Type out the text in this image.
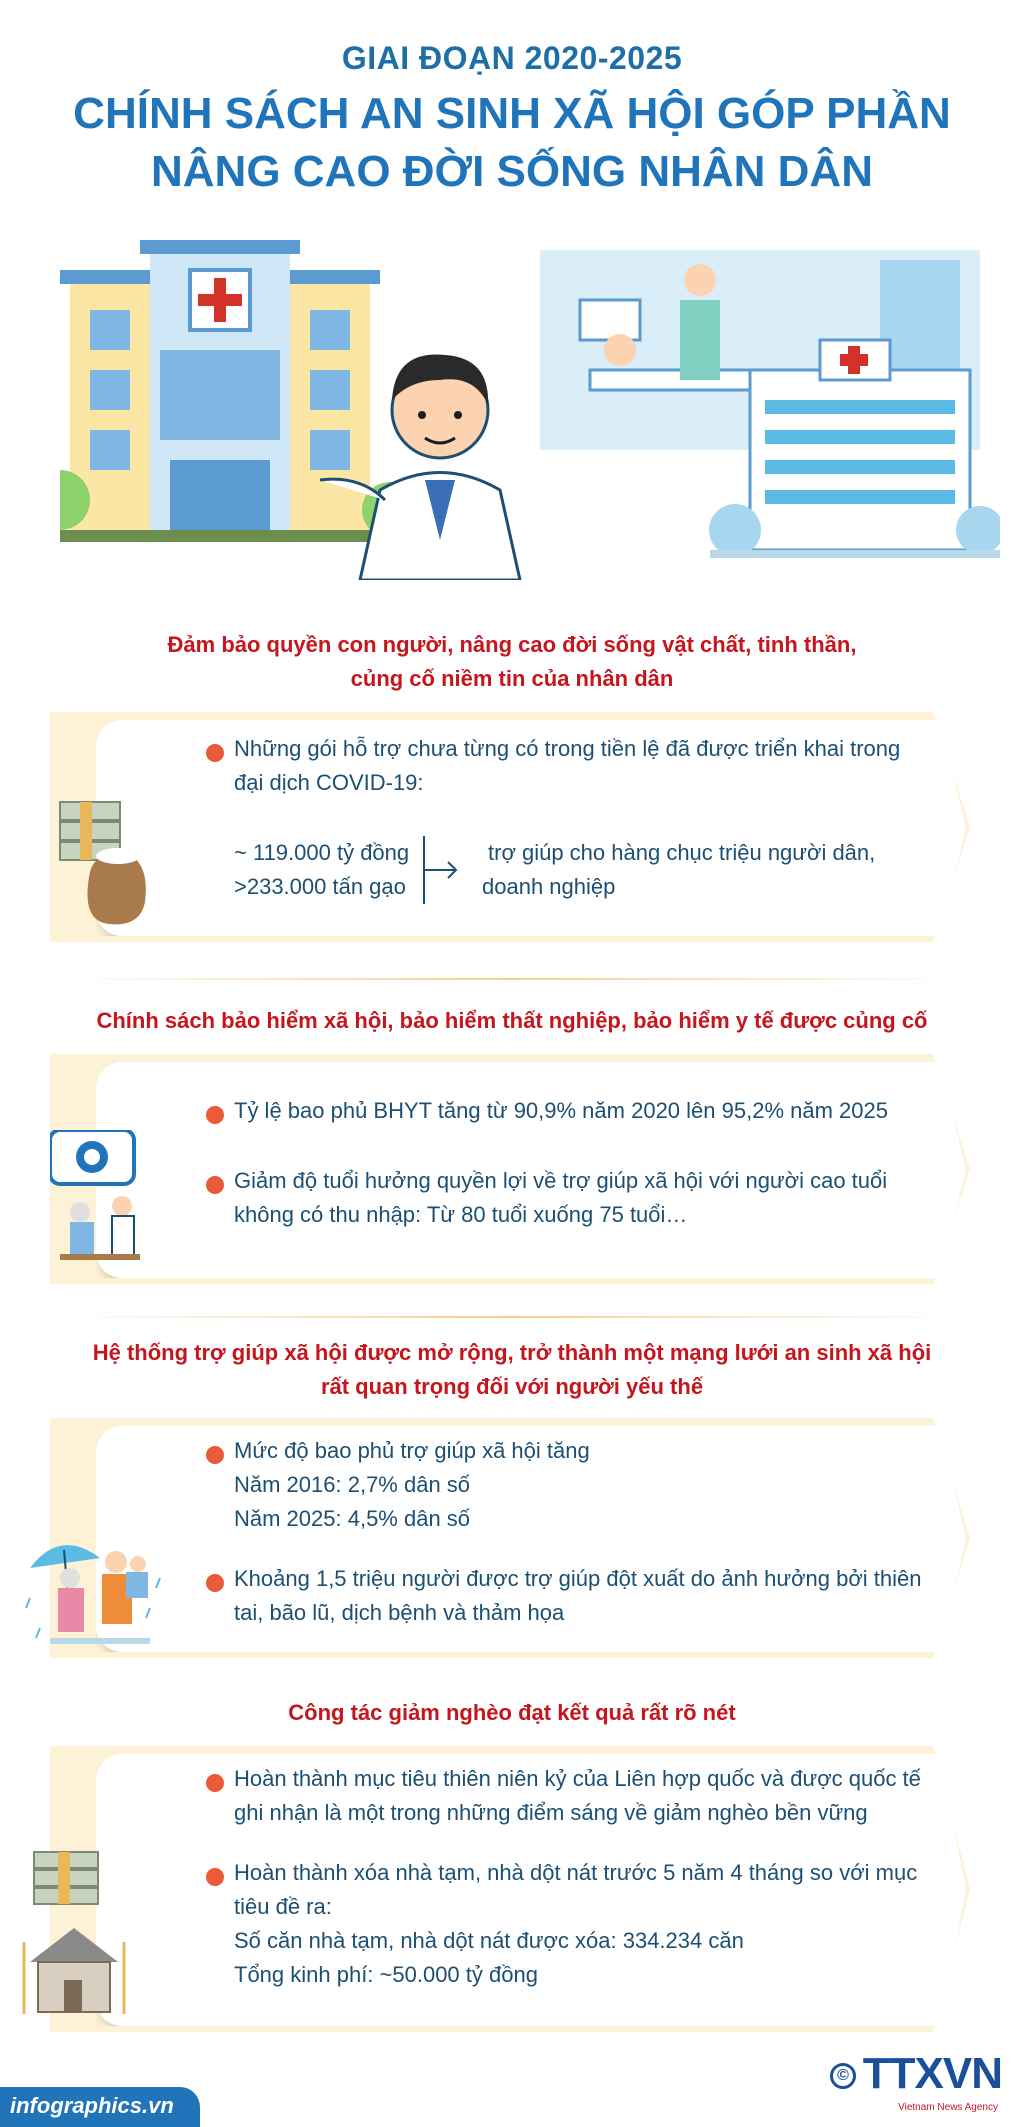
GIAI ĐOẠN 2020-2025
CHÍNH SÁCH AN SINH XÃ HỘI GÓP PHẦN
NÂNG CAO ĐỜI SỐNG NHÂN DÂN
Đảm bảo quyền con người, nâng cao đời sống vật chất, tinh thần,
củng cố niềm tin của nhân dân
Những gói hỗ trợ chưa từng có trong tiền lệ đã được triển khai trong
đại dịch COVID-19:
~ 119.000 tỷ đồng
>233.000 tấn gạo
trợ giúp cho hàng chục triệu người dân,
doanh nghiệp
Chính sách bảo hiểm xã hội, bảo hiểm thất nghiệp, bảo hiểm y tế được củng cố
Tỷ lệ bao phủ BHYT tăng từ 90,9% năm 2020 lên 95,2% năm 2025
Giảm độ tuổi hưởng quyền lợi về trợ giúp xã hội với người cao tuổi
không có thu nhập: Từ 80 tuổi xuống 75 tuổi…
Hệ thống trợ giúp xã hội được mở rộng, trở thành một mạng lưới an sinh xã hội
rất quan trọng đối với người yếu thế
Mức độ bao phủ trợ giúp xã hội tăng
Năm 2016: 2,7% dân số
Năm 2025: 4,5% dân số
Khoảng 1,5 triệu người được trợ giúp đột xuất do ảnh hưởng bởi thiên
tai, bão lũ, dịch bệnh và thảm họa
Công tác giảm nghèo đạt kết quả rất rõ nét
Hoàn thành mục tiêu thiên niên kỷ của Liên hợp quốc và được quốc tế
ghi nhận là một trong những điểm sáng về giảm nghèo bền vững
Hoàn thành xóa nhà tạm, nhà dột nát trước 5 năm 4 tháng so với mục
tiêu đề ra:
Số căn nhà tạm, nhà dột nát được xóa: 334.234 căn
Tổng kinh phí: ~50.000 tỷ đồng
infographics.vn
© TTXVN
Vietnam News Agency
